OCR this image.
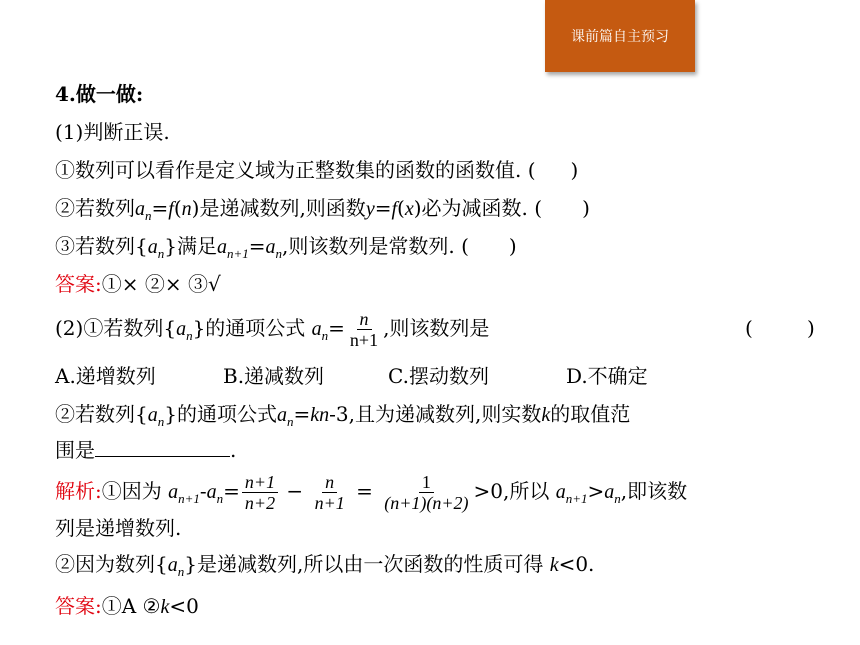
课前篇自主预习
4.做一做:
(1)判断正误.
①数列可以看作是定义域为正整数集的函数的函数值. ( )
②若数列$a_n=f(n)$是递减数列,则函数y=f(x)必为减函数. ( )
③若数列$\{a_n\}$满足$a_{n+1}=a_n$,则该数列是常数列. ( )
答案:①× ②× ③√
(2)①若数列$\{a_n\}$的通项公式 $a_n= \frac{n}{n+1}$ ,则该数列是	(	)
A.递增数列	B.递减数列	C.摆动数列	D.不确定
②若数列$\{a_n\}$的通项公式$a_n=kn-3$,且为递减数列,则实数k的取值范
围是	.
解析:①因为 $a_{n+1}-a_n= \frac{n+1}{n+2} - \frac{n}{n+1} = \frac{1}{(n+1)(n+2)} >0$,所以 $a_{n+1}>a_n$,即该数
列是递增数列.
②因为数列$\{a_n\}$是递减数列,所以由一次函数的性质可得 k<0.
答案:①A ②k<0
